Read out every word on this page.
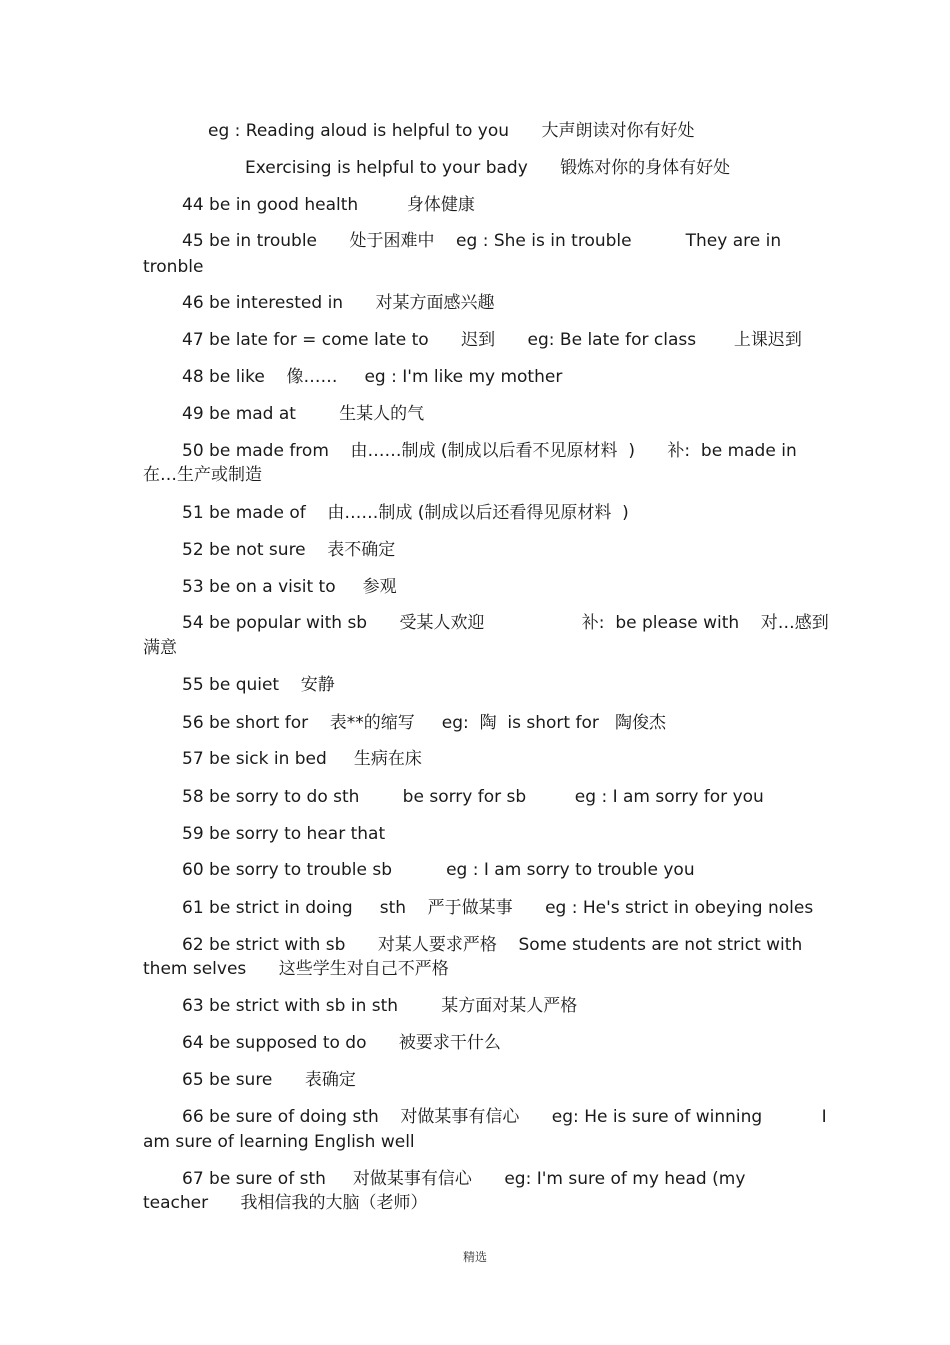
eg : Reading aloud is helpful to you      大声朗读对你有好处
Exercising is helpful to your bady      锻炼对你的身体有好处
44 be in good health         身体健康
45 be in trouble      处于困难中    eg : She is in trouble          They are in
tronble
46 be interested in      对某方面感兴趣
47 be late for = come late to      迟到      eg: Be late for class       上课迟到
48 be like    像……     eg : I'm like my mother
49 be mad at        生某人的气
50 be made from    由……制成 (制成以后看不见原材料  )      补:  be made in
在…生产或制造
51 be made of    由……制成 (制成以后还看得见原材料  )
52 be not sure    表不确定
53 be on a visit to     参观
54 be popular with sb      受某人欢迎                  补:  be please with    对…感到
满意
55 be quiet    安静
56 be short for    表**的缩写     eg:  陶  is short for   陶俊杰
57 be sick in bed     生病在床
58 be sorry to do sth        be sorry for sb         eg : I am sorry for you
59 be sorry to hear that
60 be sorry to trouble sb          eg : I am sorry to trouble you
61 be strict in doing     sth    严于做某事      eg : He's strict in obeying noles
62 be strict with sb      对某人要求严格    Some students are not strict with
them selves      这些学生对自己不严格
63 be strict with sb in sth        某方面对某人严格
64 be supposed to do      被要求干什么
65 be sure      表确定
66 be sure of doing sth    对做某事有信心      eg: He is sure of winning           I
am sure of learning English well
67 be sure of sth     对做某事有信心      eg: I'm sure of my head (my
teacher      我相信我的大脑（老师）
精选
